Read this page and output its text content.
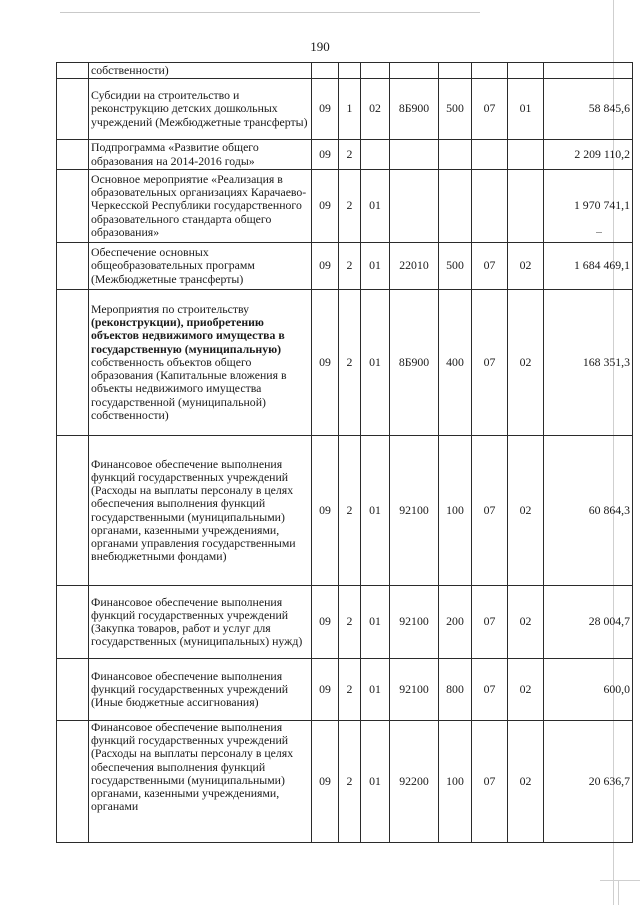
190
	собственности)								
	Субсидии на строительство и реконструкцию детских дошкольных учреждений (Межбюджетные трансферты)	09	1	02	8Б900	500	07	01	58 845,6
	Подпрограмма «Развитие общего образования на 2014-2016 годы»	09	2						2 209 110,2
	Основное мероприятие «Реализация в образовательных организациях Карачаево-Черкесской Республики государственного образовательного стандарта общего образования»	09	2	01					1 970 741,1
	Обеспечение основных общеобразовательных программ (Межбюджетные трансферты)	09	2	01	22010	500	07	02	1 684 469,1
	Мероприятия по строительству (реконструкции), приобретению объектов недвижимого имущества в государственную (муниципальную) собственность объектов общего образования (Капитальные вложения в объекты недвижимого имущества государственной (муниципальной) собственности)	09	2	01	8Б900	400	07	02	168 351,3
	Финансовое обеспечение выполнения функций государственных учреждений (Расходы на выплаты персоналу в целях обеспечения выполнения функций государственными (муниципальными) органами, казенными учреждениями, органами управления государственными внебюджетными фондами)	09	2	01	92100	100	07	02	60 864,3
	Финансовое обеспечение выполнения функций государственных учреждений (Закупка товаров, работ и услуг для государственных (муниципальных) нужд)	09	2	01	92100	200	07	02	28 004,7
	Финансовое обеспечение выполнения функций государственных учреждений (Иные бюджетные ассигнования)	09	2	01	92100	800	07	02	600,0
	Финансовое обеспечение выполнения функций государственных учреждений (Расходы на выплаты персоналу в целях обеспечения выполнения функций государственными (муниципальными) органами, казенными учреждениями, органами	09	2	01	92200	100	07	02	20 636,7
